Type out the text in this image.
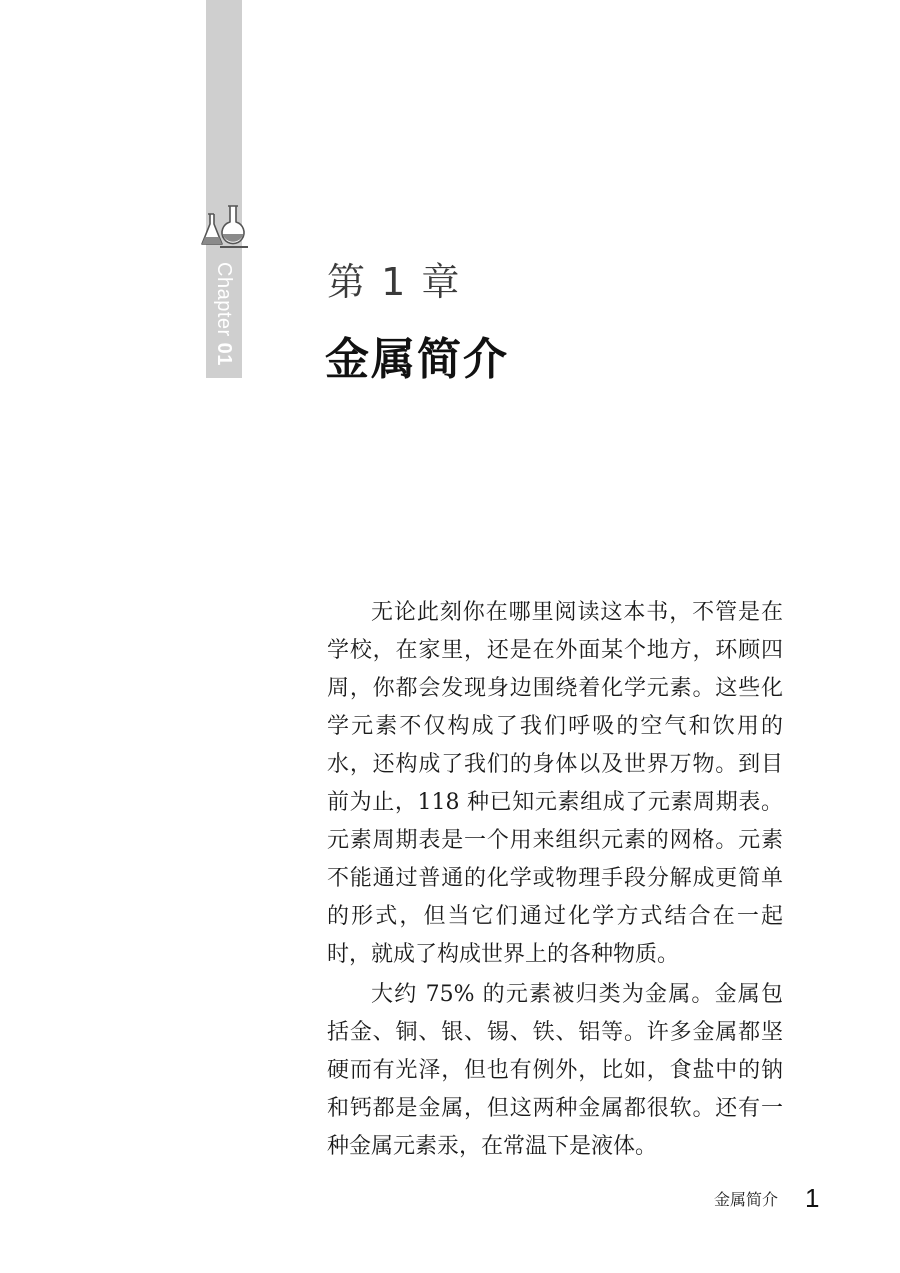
Chapter01
第 1 章
金属简介

无论此刻你在哪里阅读这本书，不管是在学校，在家里，还是在外面某个地方，环顾四周，你都会发现身边围绕着化学元素。这些化学元素不仅构成了我们呼吸的空气和饮用的水，还构成了我们的身体以及世界万物。到目前为止，118 种已知元素组成了元素周期表。元素周期表是一个用来组织元素的网格。元素不能通过普通的化学或物理手段分解成更简单的形式，但当它们通过化学方式结合在一起时，就成了构成世界上的各种物质。

大约 75% 的元素被归类为金属。金属包括金、铜、银、锡、铁、铝等。许多金属都坚硬而有光泽，但也有例外，比如，食盐中的钠和钙都是金属，但这两种金属都很软。还有一种金属元素汞，在常温下是液体。

金属简介 1
